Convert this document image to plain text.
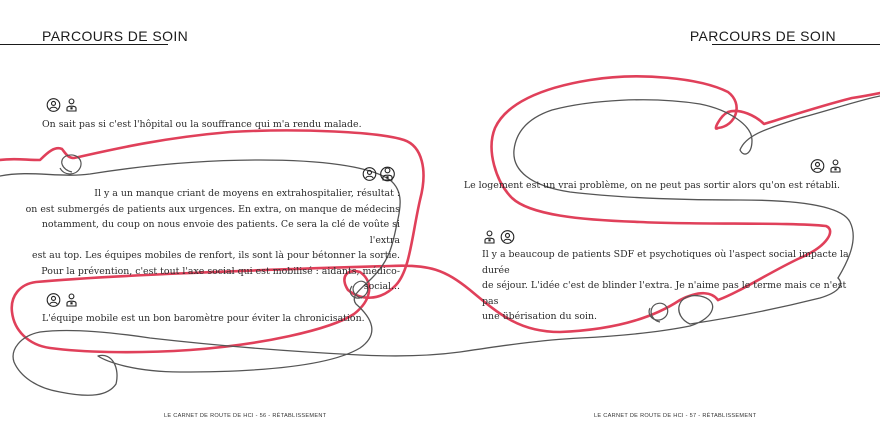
PARCOURS DE SOIN

On sait pas si c'est l'hôpital ou la souffrance qui m'a rendu malade.

Il y a un manque criant de moyens en extrahospitalier, résultat :

on est submergés de patients aux urgences. En extra, on manque de médecins

notamment, du coup on nous envoie des patients. Ce sera la clé de voûte si l'extra

est au top. Les équipes mobiles de renfort, ils sont là pour bétonner la sortie.

Pour la prévention, c'est tout l'axe social qui est mobilisé : aidants, médico-social...

L'équipe mobile est un bon baromètre pour éviter la chronicisation.

LE CARNET DE ROUTE DE HCI - 56 - RÉTABLISSEMENT
PARCOURS DE SOIN

Le logement est un vrai problème, on ne peut pas sortir alors qu'on est rétabli.

Il y a beaucoup de patients SDF et psychotiques où l'aspect social impacte la durée

de séjour. L'idée c'est de blinder l'extra. Je n'aime pas le terme mais ce n'est pas

une übérisation du soin.

LE CARNET DE ROUTE DE HCI - 57 - RÉTABLISSEMENT
